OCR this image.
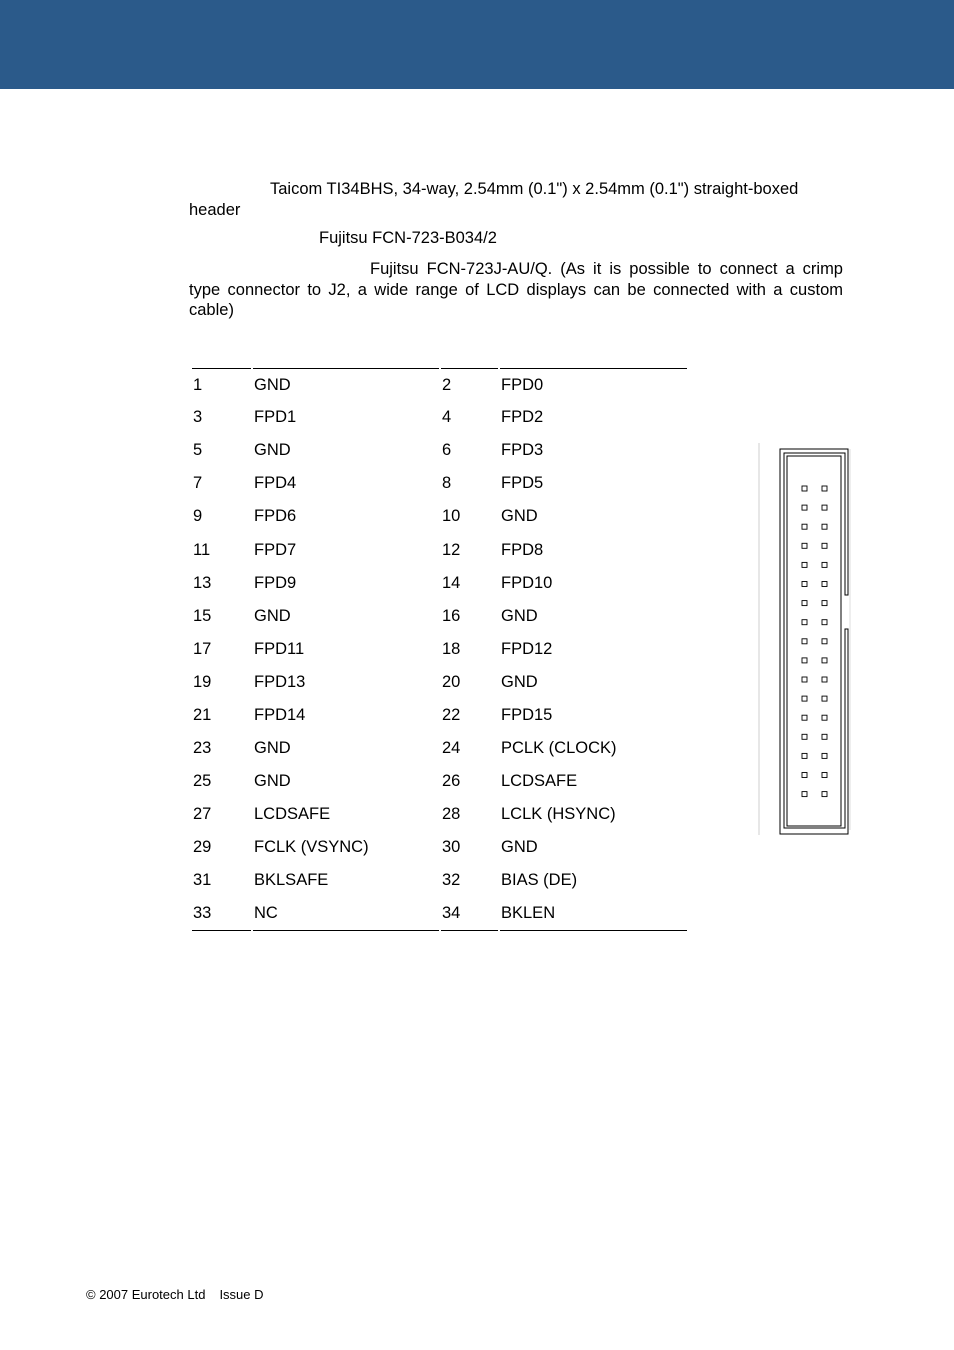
Taicom TI34BHS, 34-way, 2.54mm (0.1") x 2.54mm (0.1") straight-boxed header

Fujitsu FCN-723-B034/2

Fujitsu FCN-723J-AU/Q. (As it is possible to connect a crimp type connector to J2, a wide range of LCD displays can be connected with a custom cable)

1	GND	2	FPD0
3	FPD1	4	FPD2
5	GND	6	FPD3
7	FPD4	8	FPD5
9	FPD6	10	GND
11	FPD7	12	FPD8
13	FPD9	14	FPD10
15	GND	16	GND
17	FPD11	18	FPD12
19	FPD13	20	GND
21	FPD14	22	FPD15
23	GND	24	PCLK (CLOCK)
25	GND	26	LCDSAFE
27	LCDSAFE	28	LCLK (HSYNC)
29	FCLK (VSYNC)	30	GND
31	BKLSAFE	32	BIAS (DE)
33	NC	34	BKLEN
© 2007 Eurotech Ltd Issue D
